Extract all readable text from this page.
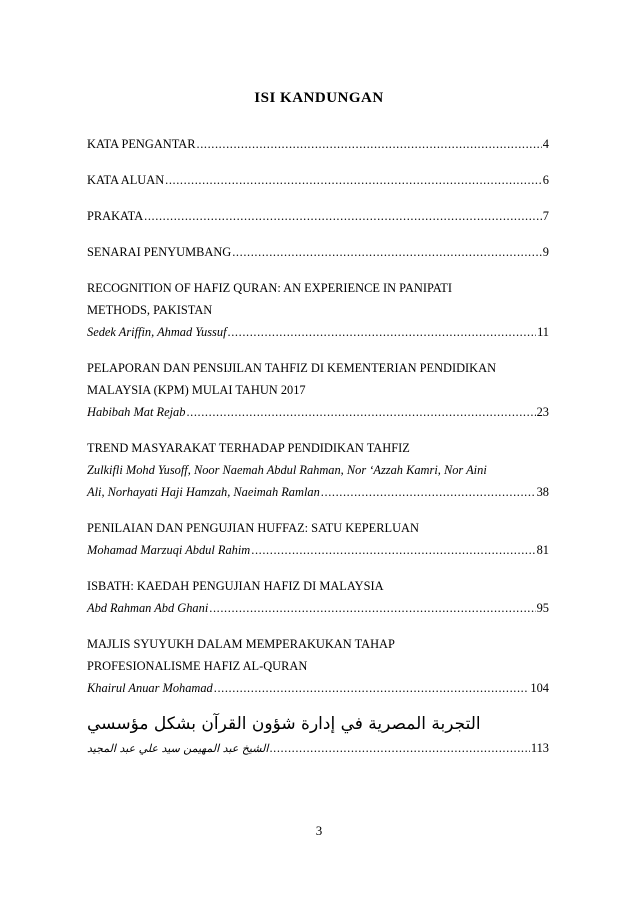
ISI KANDUNGAN
KATA PENGANTAR .....	4
KATA ALUAN .....	6
PRAKATA .....	7
SENARAI PENYUMBANG .....	9
RECOGNITION OF HAFIZ QURAN: AN EXPERIENCE IN PANIPATI
METHODS, PAKISTAN
Sedek Ariffin, Ahmad Yussuf .....	11
PELAPORAN DAN PENSIJILAN TAHFIZ DI KEMENTERIAN PENDIDIKAN
MALAYSIA (KPM) MULAI TAHUN 2017
Habibah Mat Rejab .....	23
TREND MASYARAKAT TERHADAP PENDIDIKAN TAHFIZ
Zulkifli Mohd Yusoff, Noor Naemah Abdul Rahman, Nor ‘Azzah Kamri, Nor Aini
Ali, Norhayati Haji Hamzah, Naeimah Ramlan .....	38
PENILAIAN DAN PENGUJIAN HUFFAZ: SATU KEPERLUAN
Mohamad Marzuqi Abdul Rahim .....	81
ISBATH: KAEDAH PENGUJIAN HAFIZ DI MALAYSIA
Abd Rahman Abd Ghani .....	95
MAJLIS SYUYUKH DALAM MEMPERAKUKAN TAHAP
PROFESIONALISME HAFIZ AL-QURAN
Khairul Anuar Mohamad .....	104
التجربة المصرية في إدارة شؤون القرآن بشكل مؤسسي
الشيخ عبد المهيمن سيد علي عبد المجيد .....	113
3
